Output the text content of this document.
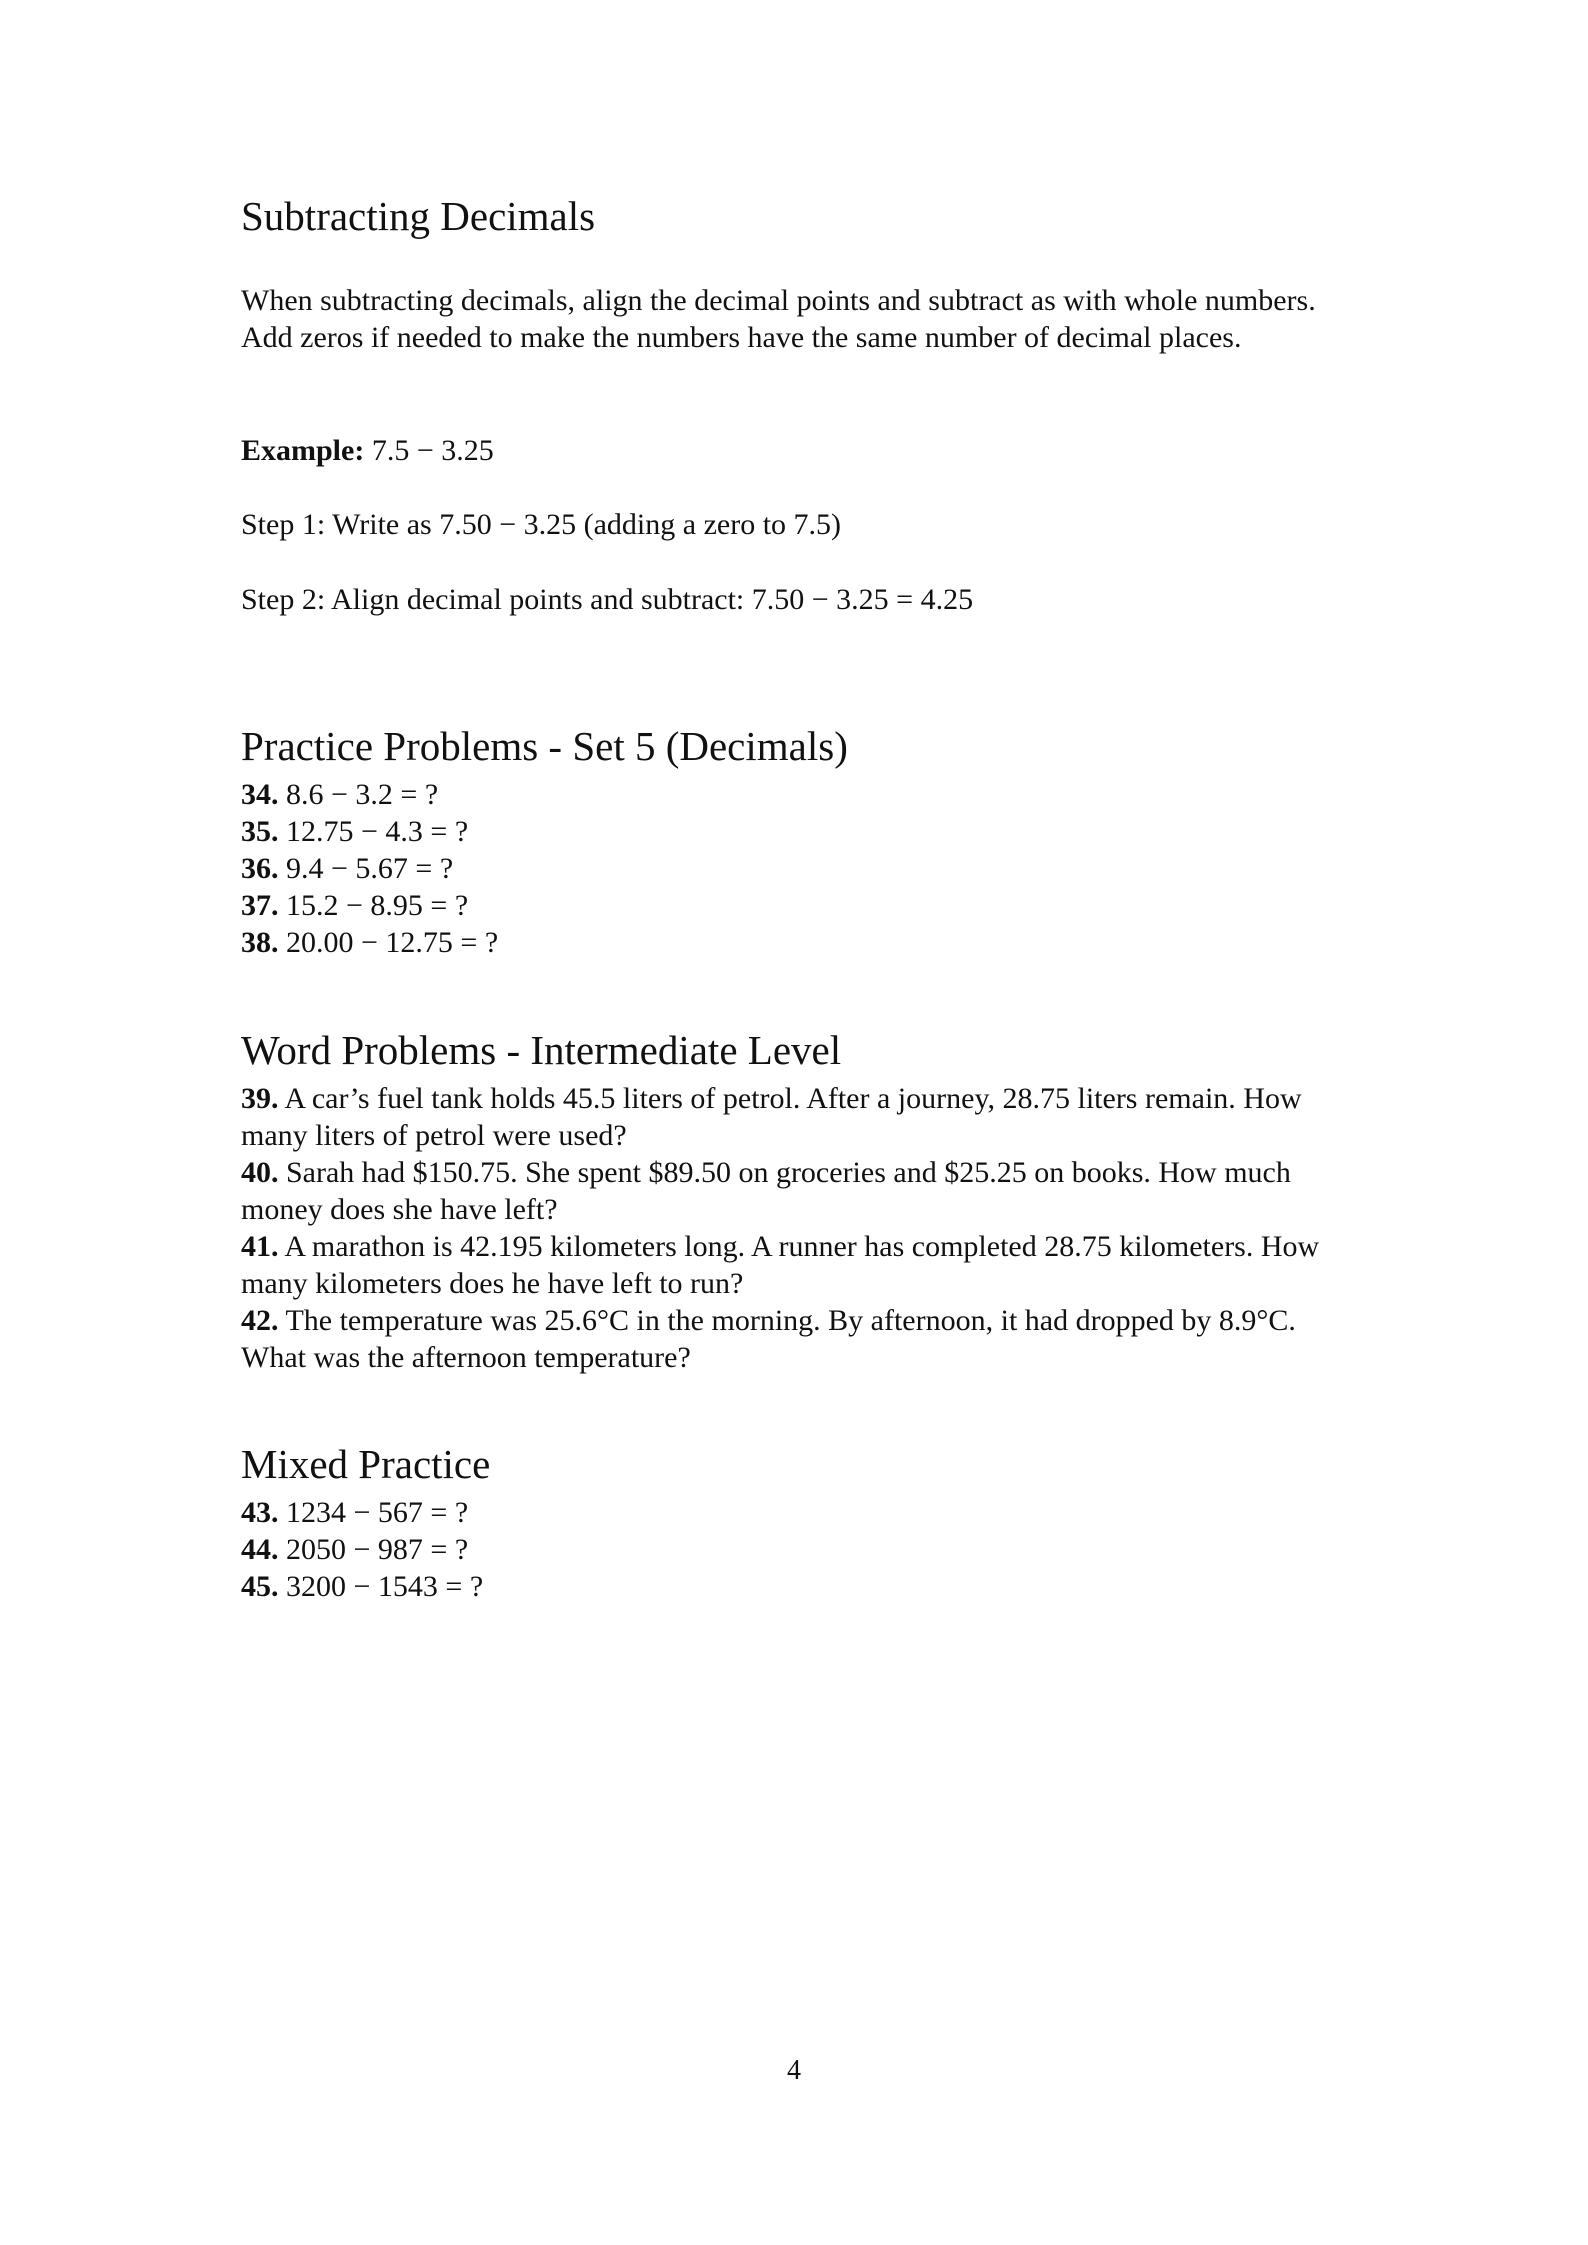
Subtracting Decimals

When subtracting decimals, align the decimal points and subtract as with whole numbers. Add zeros if needed to make the numbers have the same number of decimal places.

Example: 7.5 − 3.25

Step 1: Write as 7.50 − 3.25 (adding a zero to 7.5)

Step 2: Align decimal points and subtract: 7.50 − 3.25 = 4.25

Practice Problems - Set 5 (Decimals)

34. 8.6 − 3.2 = ?

35. 12.75 − 4.3 = ?

36. 9.4 − 5.67 = ?

37. 15.2 − 8.95 = ?

38. 20.00 − 12.75 = ?

Word Problems - Intermediate Level

39. A car’s fuel tank holds 45.5 liters of petrol. After a journey, 28.75 liters remain. How many liters of petrol were used?

40. Sarah had $150.75. She spent $89.50 on groceries and $25.25 on books. How much money does she have left?

41. A marathon is 42.195 kilometers long. A runner has completed 28.75 kilometers. How many kilometers does he have left to run?

42. The temperature was 25.6°C in the morning. By afternoon, it had dropped by 8.9°C. What was the afternoon temperature?

Mixed Practice

43. 1234 − 567 = ?

44. 2050 − 987 = ?

45. 3200 − 1543 = ?

4
